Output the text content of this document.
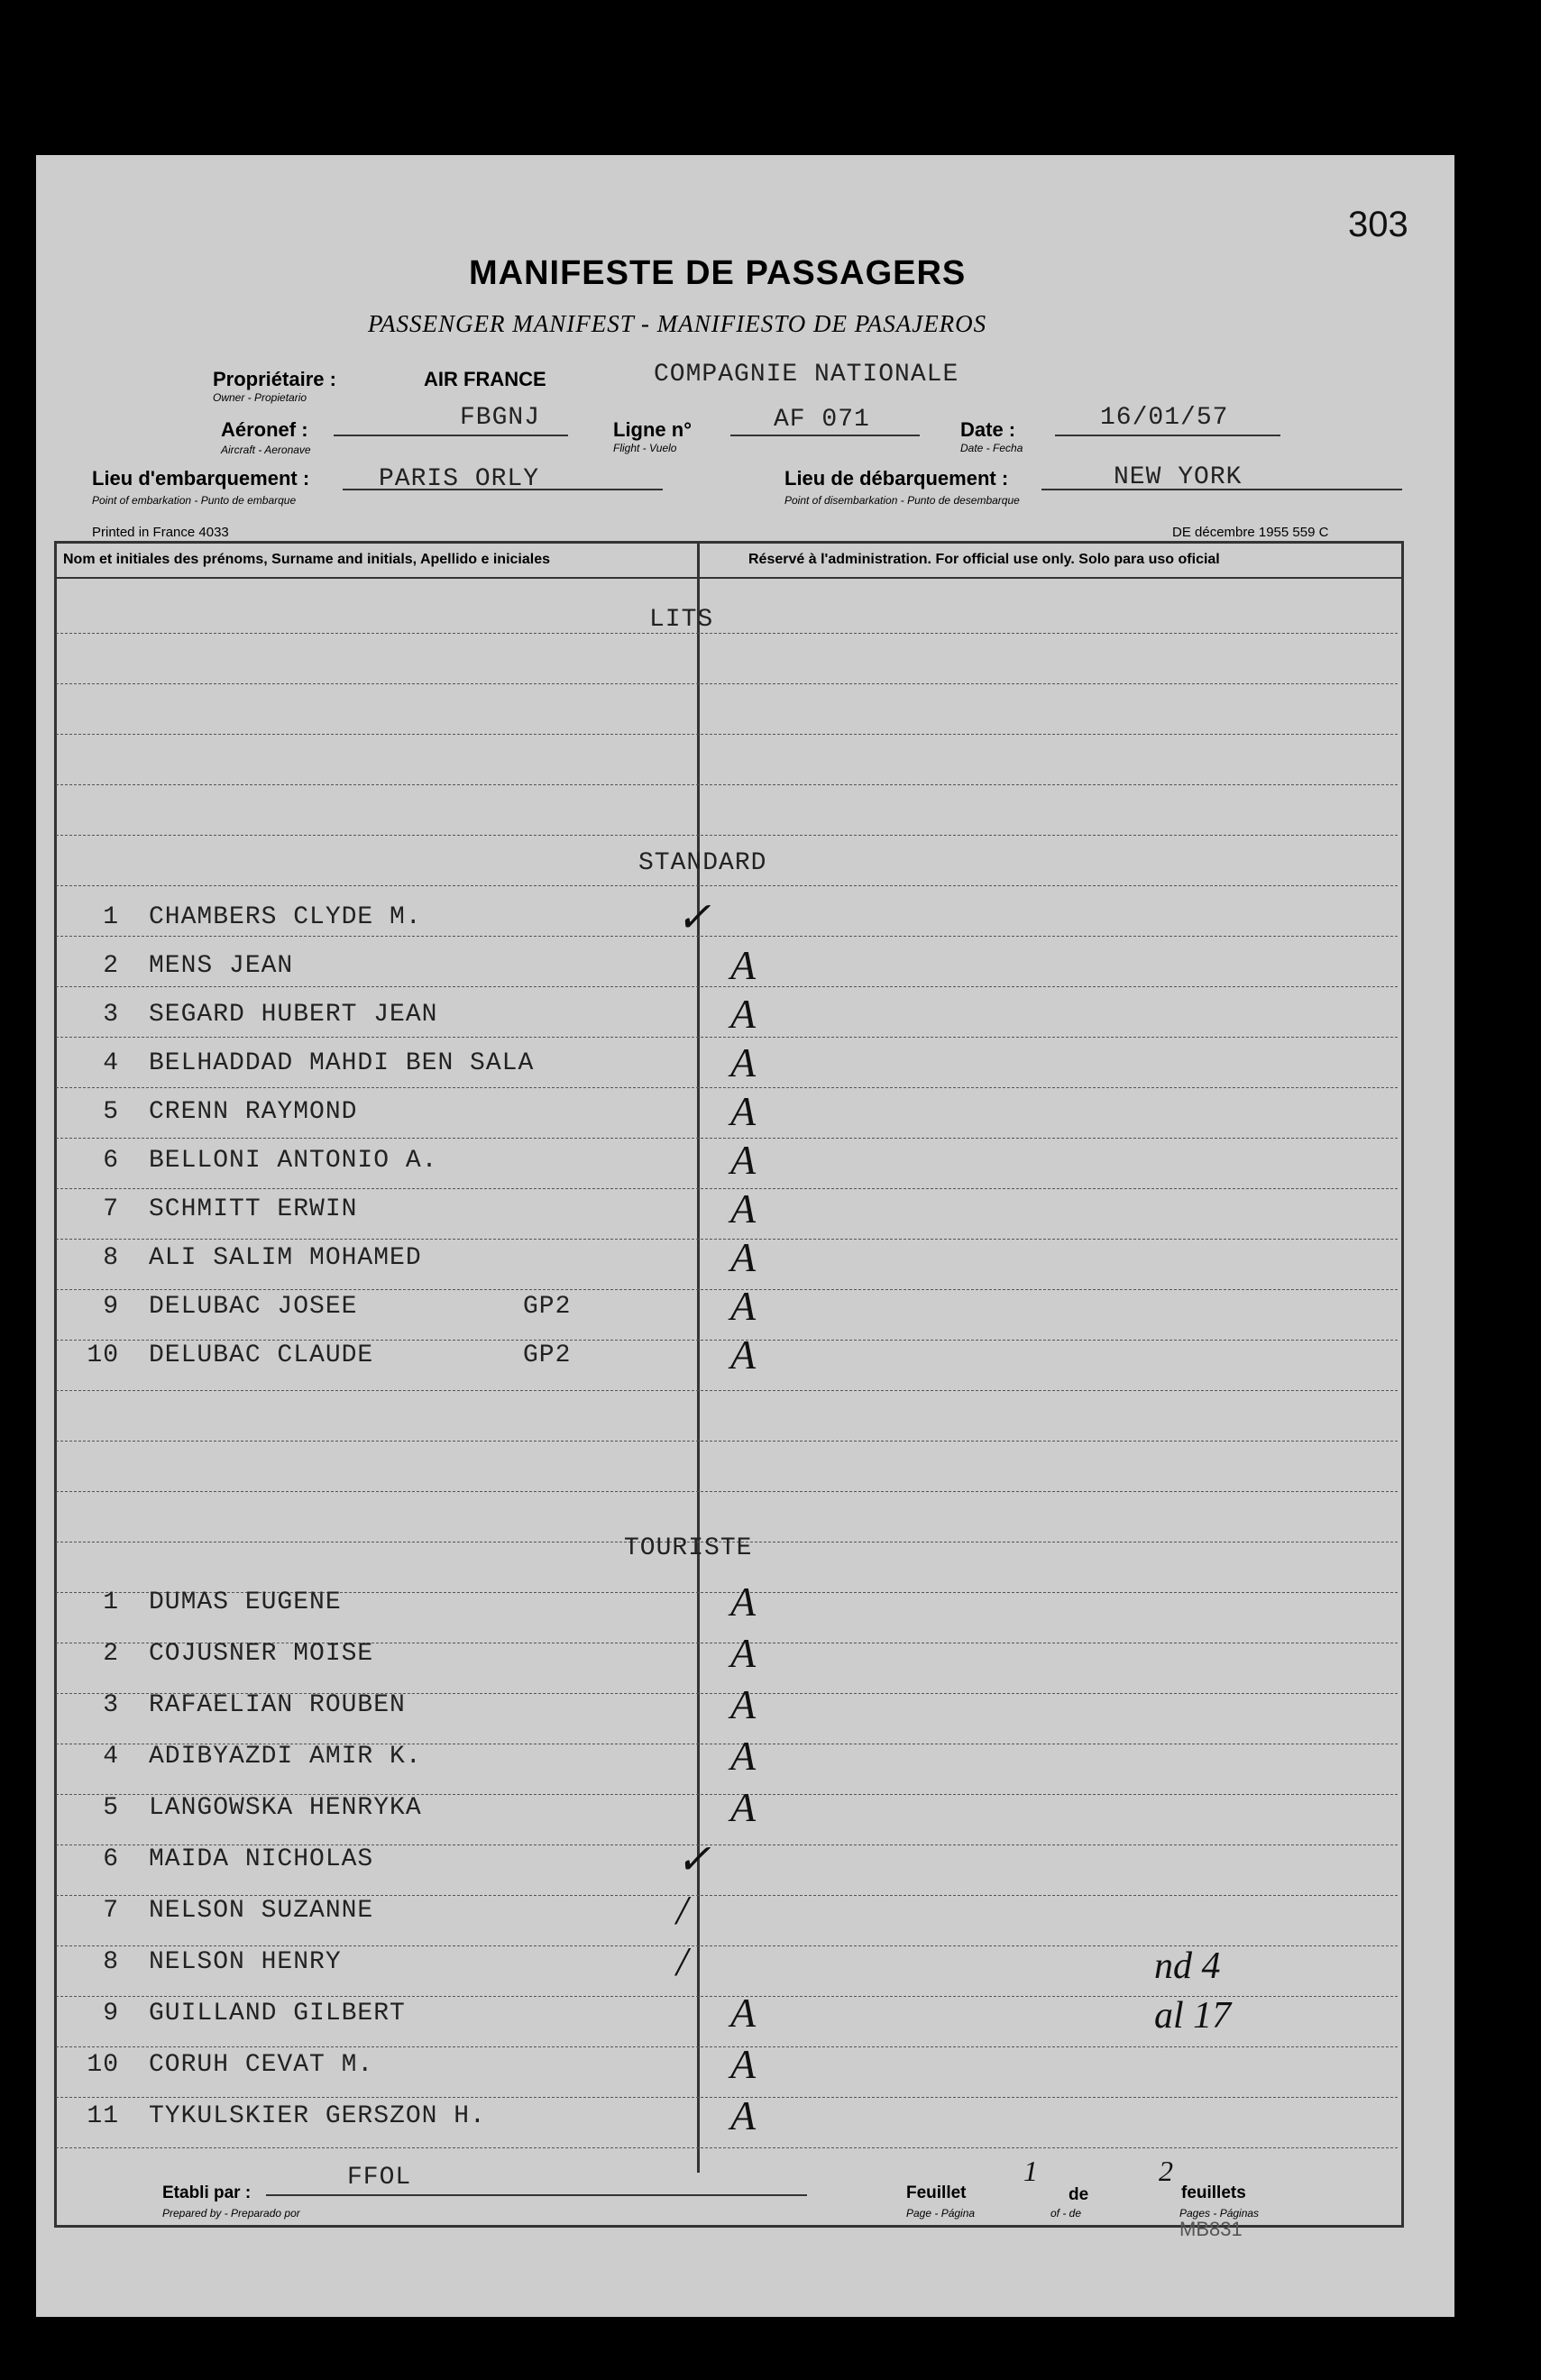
303
MANIFESTE DE PASSAGERS
PASSENGER MANIFEST - MANIFIESTO DE PASAJEROS
Propriétaire :
Owner - Propietario
AIR FRANCE	COMPAGNIE NATIONALE
Aéronef :
Aircraft - Aeronave
FBGNJ	Ligne n°
Flight - Vuelo
AF 071	Date :
Date - Fecha
16/01/57
Lieu d'embarquement :
Point of embarkation - Punto de embarque
PARIS ORLY	Lieu de débarquement :
Point of disembarkation - Punto de desembarque
NEW YORK
Printed in France 4033	DE décembre 1955 559 C
Nom et initiales des prénoms, Surname and initials, Apellido e iniciales	Réservé à l'administration. For official use only. Solo para uso oficial
LITS
STANDARD
TOURISTE
1 CHAMBERS CLYDE M.	✓
2 MENS JEAN	A
3 SEGARD HUBERT JEAN	A
4 BELHADDAD MAHDI BEN SALA	A
5 CRENN RAYMOND	A
6 BELLONI ANTONIO A.	A
7 SCHMITT ERWIN	A
8 ALI SALIM MOHAMED	A
9 DELUBAC JOSEE	GP2	A
10 DELUBAC CLAUDE	GP2	A
1 DUMAS EUGENE	A
2 COJUSNER MOISE	A
3 RAFAELIAN ROUBEN	A
4 ADIBYAZDI AMIR K.	A
5 LANGOWSKA HENRYKA	A
6 MAIDA NICHOLAS	✓
7 NELSON SUZANNE	/
8 NELSON HENRY	/
9 GUILLAND GILBERT	A
10 CORUH CEVAT M.	A
11 TYKULSKIER GERSZON H.	A
nd 4
al 17
Etabli par :
Prepared by - Preparado por
FFOL
Feuillet
Page - Página
1
de
of - de
2
feuillets
Pages - Páginas
MB831
